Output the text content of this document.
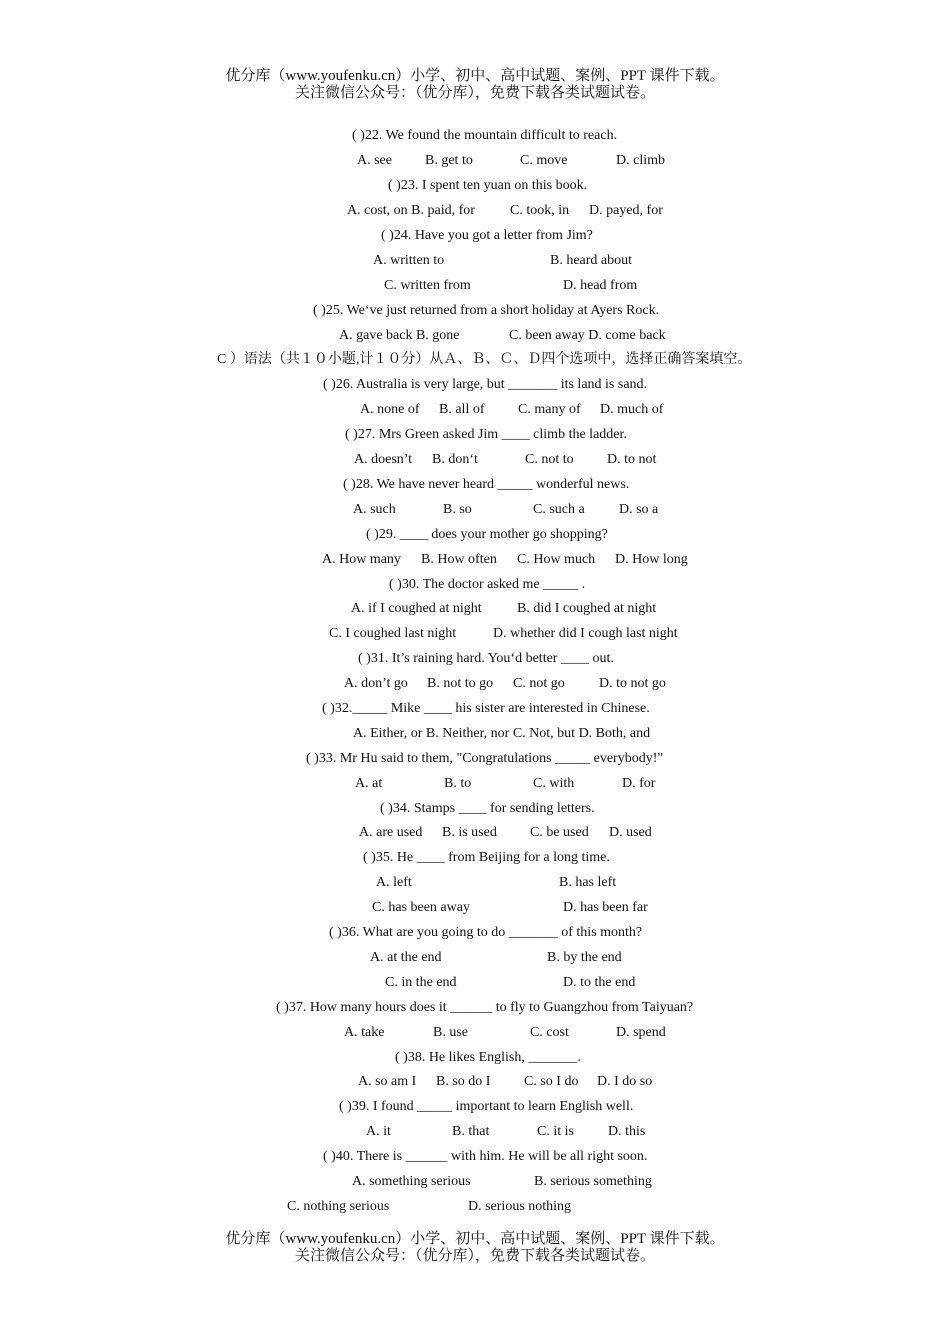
优分库（www.youfenku.cn）小学、初中、高中试题、案例、PPT 课件下载。
关注微信公众号：（优分库），免费下载各类试题试卷。
( )22. We found the mountain difficult to reach.
A. see B. get to	C. move	D. climb
( )23. I spent ten yuan on this book.
A. cost, on B. paid, for	C. took, in D. payed, for
( )24. Have you got a letter from Jim?
A. written to	B. heard about
C. written from	D. head from
( )25. We‘ve just returned from a short holiday at Ayers Rock.
A. gave back B. gone	C. been away D. come back
C ）语法（共１０小题,计１０分）从Ａ、Ｂ、Ｃ、Ｄ四个选项中，选择正确答案填空。
( )26. Australia is very large, but _______ its land is sand.
A. none of B. all of C. many of D. much of
( )27. Mrs Green asked Jim ____ climb the ladder.
A. doesn’t B. don‘t	C. not to D. to not
( )28. We have never heard _____ wonderful news.
A. such	B. so	C. such a D. so a
( )29. ____ does your mother go shopping?
A. How many B. How often C. How much D. How long
( )30. The doctor asked me _____ .
A. if I coughed at night	B. did I coughed at night
C. I coughed last night	D. whether did I cough last night
( )31. It’s raining hard. You‘d better ____ out.
A. don’t go B. not to go C. not go D. to not go
( )32._____ Mike ____ his sister are interested in Chinese.
A. Either, or B. Neither, nor C. Not, but D. Both, and
( )33. Mr Hu said to them, "Congratulations _____ everybody!"
A. at	B. to	C. with	D. for
( )34. Stamps ____ for sending letters.
A. are used B. is used C. be used D. used
( )35. He ____ from Beijing for a long time.
A. left	B. has left
C. has been away	D. has been far
( )36. What are you going to do _______ of this month?
A. at the end	B. by the end
C. in the end	D. to the end
( )37. How many hours does it ______ to fly to Guangzhou from Taiyuan?
A. take	B. use	C. cost	D. spend
( )38. He likes English, _______.
A. so am I B. so do I C. so I do D. I do so
( )39. I found _____ important to learn English well.
A. it	B. that	C. it is D. this
( )40. There is ______ with him. He will be all right soon.
A. something serious	B. serious something
C. nothing serious	D. serious nothing
优分库（www.youfenku.cn）小学、初中、高中试题、案例、PPT 课件下载。
关注微信公众号：（优分库），免费下载各类试题试卷。
